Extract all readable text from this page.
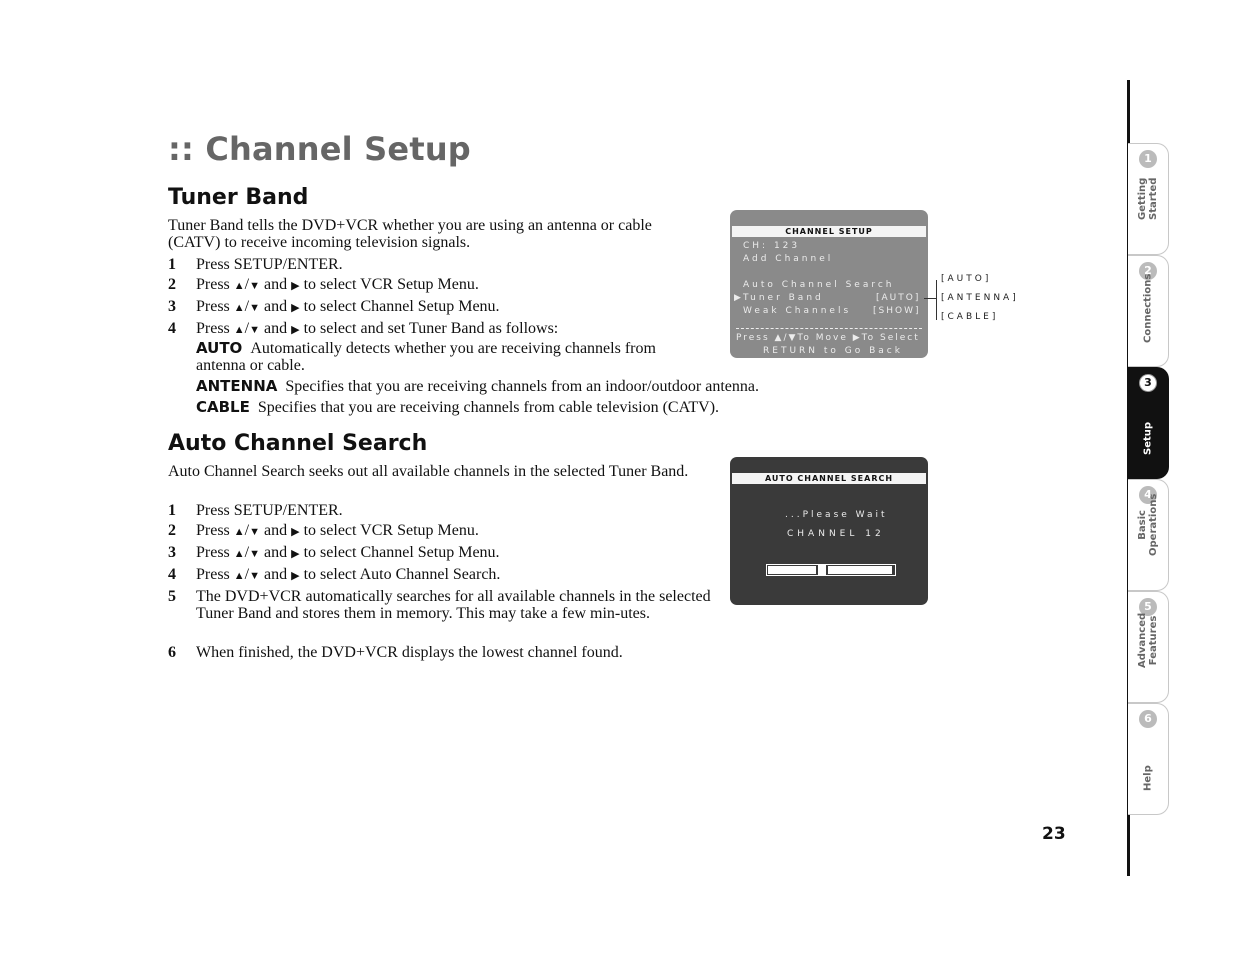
:: Channel Setup
Tuner Band

Tuner Band tells the DVD+VCR whether you are using an antenna or cable (CATV) to receive incoming television signals.

1	Press SETUP/ENTER.
2	Press ▲/▼ and ▶ to select VCR Setup Menu.
3	Press ▲/▼ and ▶ to select Channel Setup Menu.
4	Press ▲/▼ and ▶ to select and set Tuner Band as follows:
AUTO Automatically detects whether you are receiving channels from
antenna or cable.
ANTENNA Specifies that you are receiving channels from an indoor/outdoor antenna.
CABLE Specifies that you are receiving channels from cable television (CATV).
CHANNEL SETUP
CH: 123
Add Channel
Auto Channel Search
▶ Tuner Band	[AUTO]
Weak Channels [SHOW]
Press ▲/▼To Move ▶To Select
RETURN to Go Back
[AUTO]
[ANTENNA]
[CABLE]
Auto Channel Search

Auto Channel Search seeks out all available channels in the selected Tuner Band.

1	Press SETUP/ENTER.
2	Press ▲/▼ and ▶ to select VCR Setup Menu.
3	Press ▲/▼ and ▶ to select Channel Setup Menu.
4	Press ▲/▼ and ▶ to select Auto Channel Search.
5	The DVD+VCR automatically searches for all available channels in the selected Tuner Band and stores them in memory. This may take a few min-utes.
6	When finished, the DVD+VCR displays the lowest channel found.
AUTO CHANNEL SEARCH
...Please Wait
CHANNEL 12
1
Getting
Started
2
Connections
3
Setup
4
Basic
Operations
5
Advanced
Features
6
Help
23
